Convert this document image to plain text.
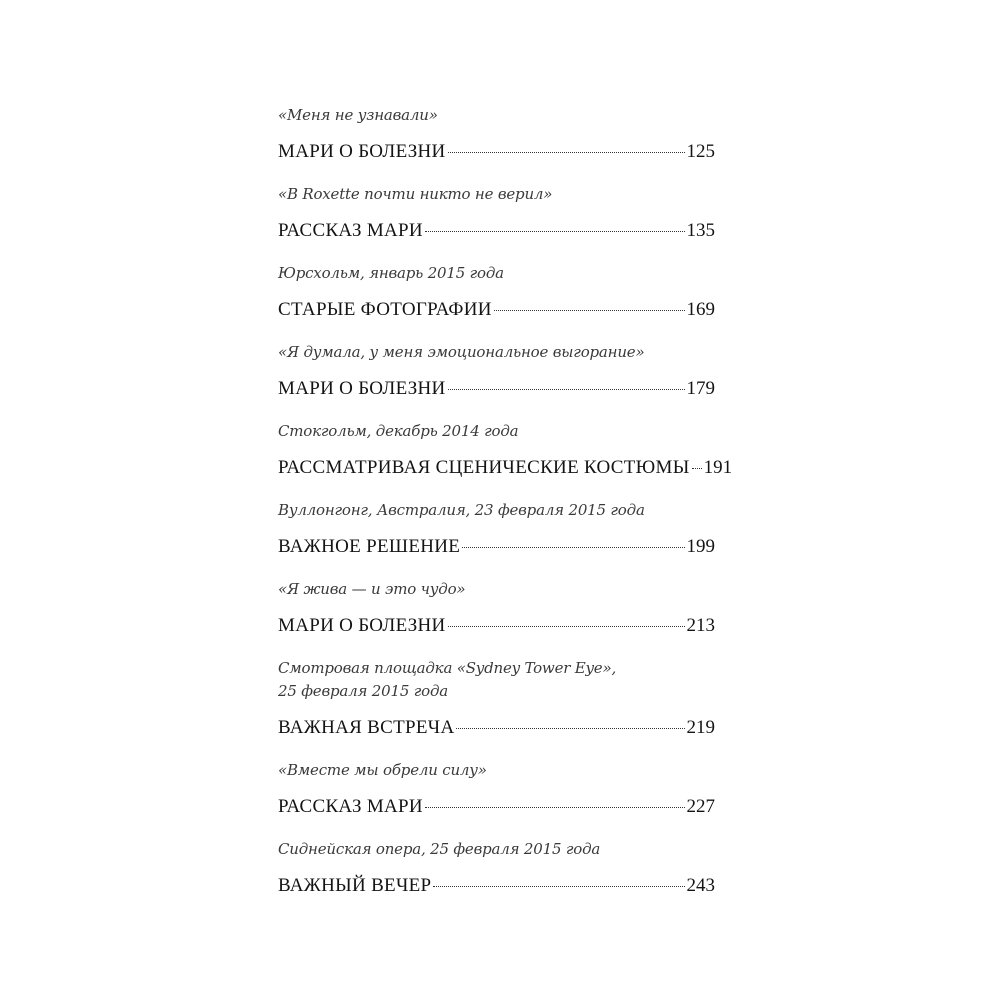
«Меня не узнавали»
МАРИ О БОЛЕЗНИ	125
«В Roxette почти никто не верил»
РАССКАЗ МАРИ	135
Юрсхольм, январь 2015 года
СТАРЫЕ ФОТОГРАФИИ	169
«Я думала, у меня эмоциональное выгорание»
МАРИ О БОЛЕЗНИ	179
Стокгольм, декабрь 2014 года
РАССМАТРИВАЯ СЦЕНИЧЕСКИЕ КОСТЮМЫ 191
Вуллонгонг, Австралия, 23 февраля 2015 года
ВАЖНОЕ РЕШЕНИЕ	199
«Я жива — и это чудо»
МАРИ О БОЛЕЗНИ	213
Смотровая площадка «Sydney Tower Eye»,
25 февраля 2015 года
ВАЖНАЯ ВСТРЕЧА	219
«Вместе мы обрели силу»
РАССКАЗ МАРИ	227
Сиднейская опера, 25 февраля 2015 года
ВАЖНЫЙ ВЕЧЕР	243
